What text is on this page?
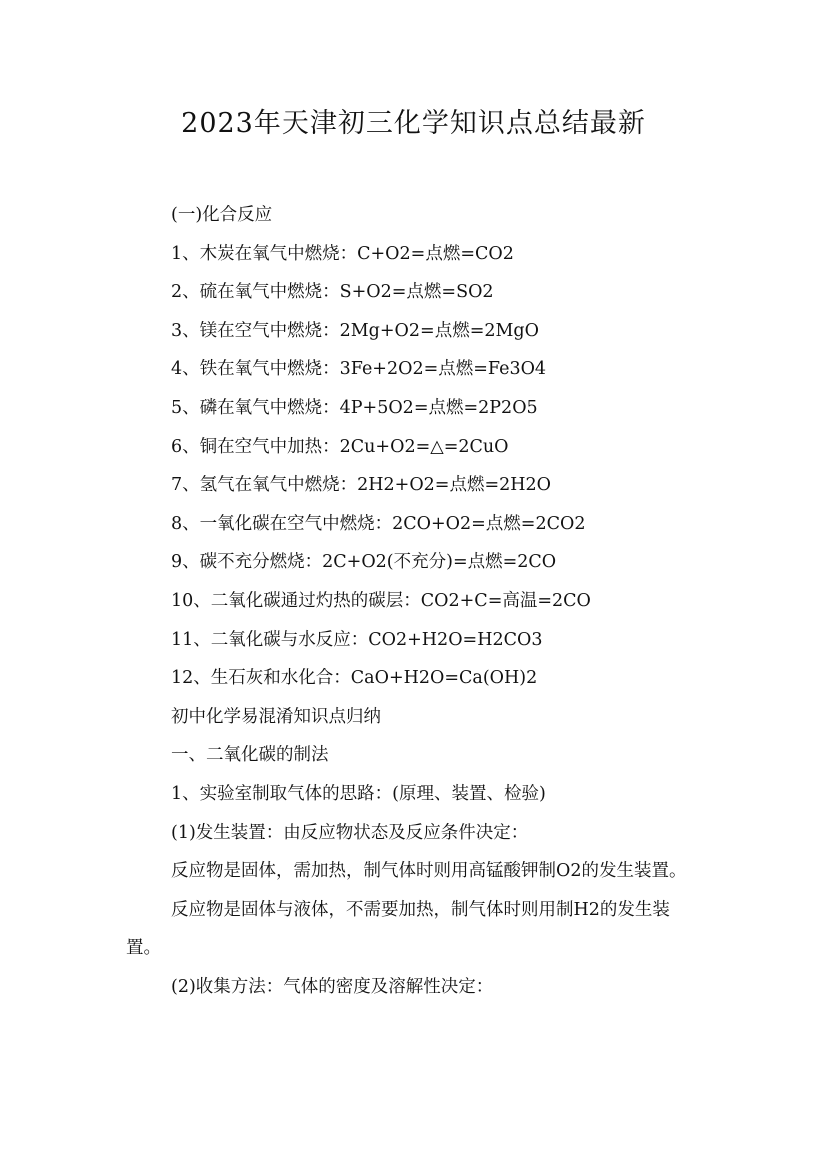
2023年天津初三化学知识点总结最新

(一)化合反应

1、木炭在氧气中燃烧：C+O2=点燃=CO2

2、硫在氧气中燃烧：S+O2=点燃=SO2

3、镁在空气中燃烧：2Mg+O2=点燃=2MgO

4、铁在氧气中燃烧：3Fe+2O2=点燃=Fe3O4

5、磷在氧气中燃烧：4P+5O2=点燃=2P2O5

6、铜在空气中加热：2Cu+O2=△=2CuO

7、氢气在氧气中燃烧：2H2+O2=点燃=2H2O

8、一氧化碳在空气中燃烧：2CO+O2=点燃=2CO2

9、碳不充分燃烧：2C+O2(不充分)=点燃=2CO

10、二氧化碳通过灼热的碳层：CO2+C=高温=2CO

11、二氧化碳与水反应：CO2+H2O=H2CO3

12、生石灰和水化合：CaO+H2O=Ca(OH)2

初中化学易混淆知识点归纳

一、二氧化碳的制法

1、实验室制取气体的思路：(原理、装置、检验)

(1)发生装置：由反应物状态及反应条件决定：

反应物是固体，需加热，制气体时则用高锰酸钾制O2的发生装置。

反应物是固体与液体，不需要加热，制气体时则用制H2的发生装置。

(2)收集方法：气体的密度及溶解性决定：
